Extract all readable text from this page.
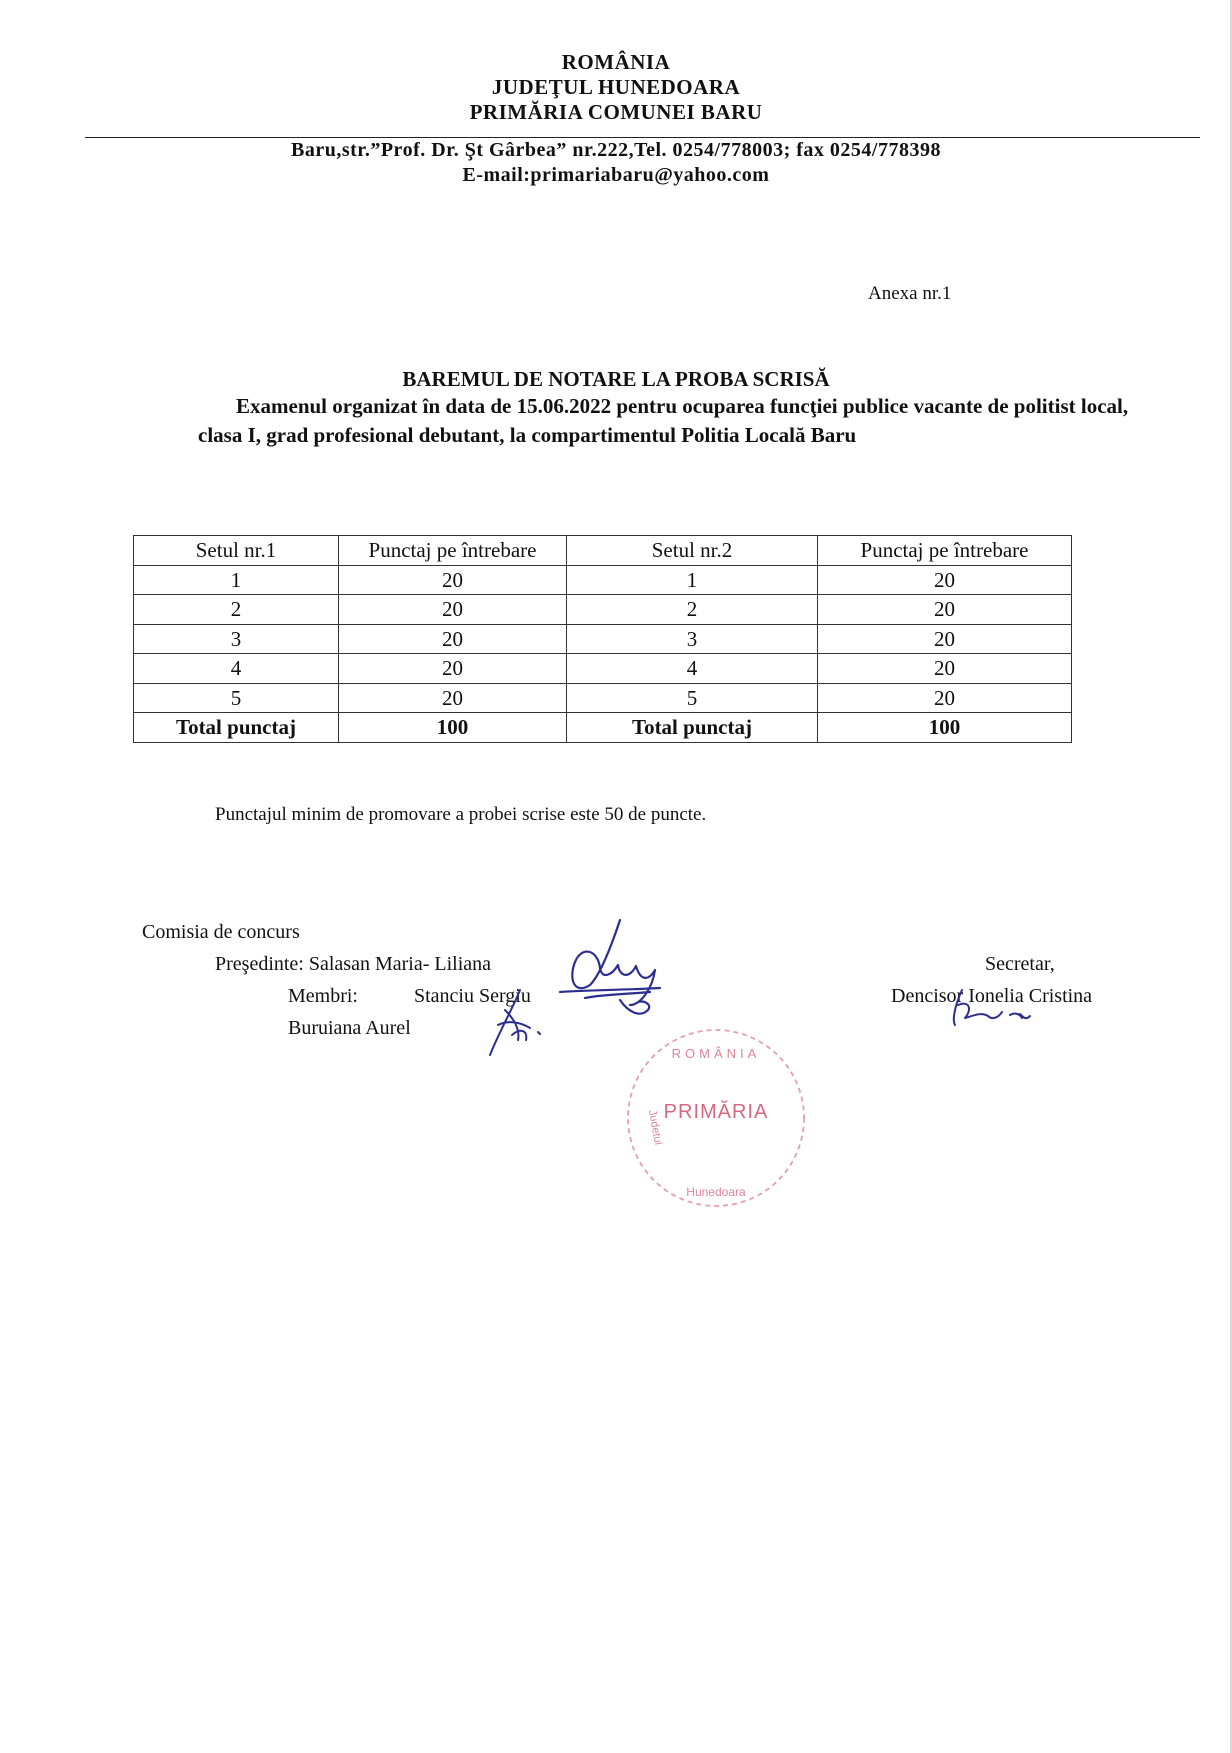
ROMÂNIA
JUDEŢUL HUNEDOARA
PRIMĂRIA COMUNEI BARU
Baru,str.”Prof. Dr. Şt Gârbea” nr.222,Tel. 0254/778003; fax 0254/778398
E-mail:primariabaru@yahoo.com
Anexa nr.1
BAREMUL DE NOTARE LA PROBA SCRISĂ
Examenul organizat în data de 15.06.2022 pentru ocuparea funcţiei publice vacante de politist local, clasa I, grad profesional debutant, la compartimentul Politia Locală Baru
Setul nr.1	Punctaj pe întrebare	Setul nr.2	Punctaj pe întrebare
1	20	1	20
2	20	2	20
3	20	3	20
4	20	4	20
5	20	5	20
Total punctaj	100	Total punctaj	100
Punctajul minim de promovare a probei scrise este 50 de puncte.
Comisia de concurs
Preşedinte: Salasan Maria- Liliana
Membri:	Stanciu Sergiu
Buruiana Aurel
Secretar,
Dencisor Ionelia Cristina
PRIMĂRIA
ROMÂNIA
Judetul
Hunedoara
